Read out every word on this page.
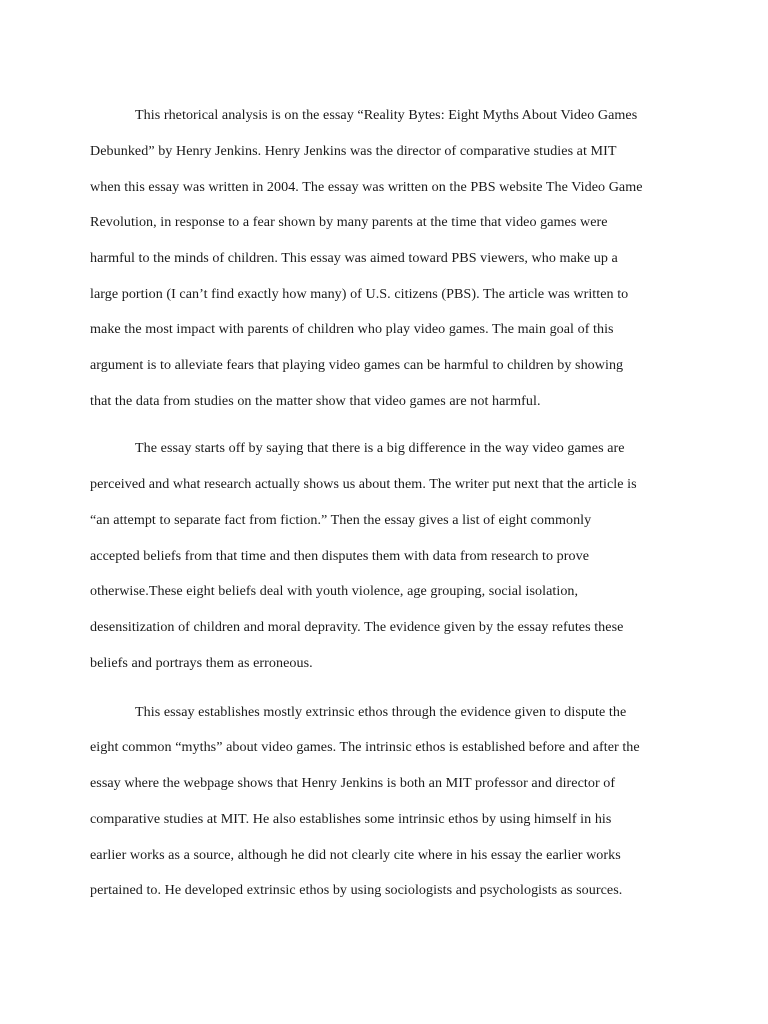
This rhetorical analysis is on the essay “Reality Bytes: Eight Myths About Video Games
Debunked” by Henry Jenkins. Henry Jenkins was the director of comparative studies at MIT
when this essay was written in 2004. The essay was written on the PBS website The Video Game
Revolution, in response to a fear shown by many parents at the time that video games were
harmful to the minds of children. This essay was aimed toward PBS viewers, who make up a
large portion (I can’t find exactly how many) of U.S. citizens (PBS). The article was written to
make the most impact with parents of children who play video games. The main goal of this
argument is to alleviate fears that playing video games can be harmful to children by showing
that the data from studies on the matter show that video games are not harmful.
The essay starts off by saying that there is a big difference in the way video games are
perceived and what research actually shows us about them. The writer put next that the article is
“an attempt to separate fact from fiction.” Then the essay gives a list of eight commonly
accepted beliefs from that time and then disputes them with data from research to prove
otherwise.These eight beliefs deal with youth violence, age grouping, social isolation,
desensitization of children and moral depravity. The evidence given by the essay refutes these
beliefs and portrays them as erroneous.
This essay establishes mostly extrinsic ethos through the evidence given to dispute the
eight common “myths” about video games. The intrinsic ethos is established before and after the
essay where the webpage shows that Henry Jenkins is both an MIT professor and director of
comparative studies at MIT. He also establishes some intrinsic ethos by using himself in his
earlier works as a source, although he did not clearly cite where in his essay the earlier works
pertained to. He developed extrinsic ethos by using sociologists and psychologists as sources.
